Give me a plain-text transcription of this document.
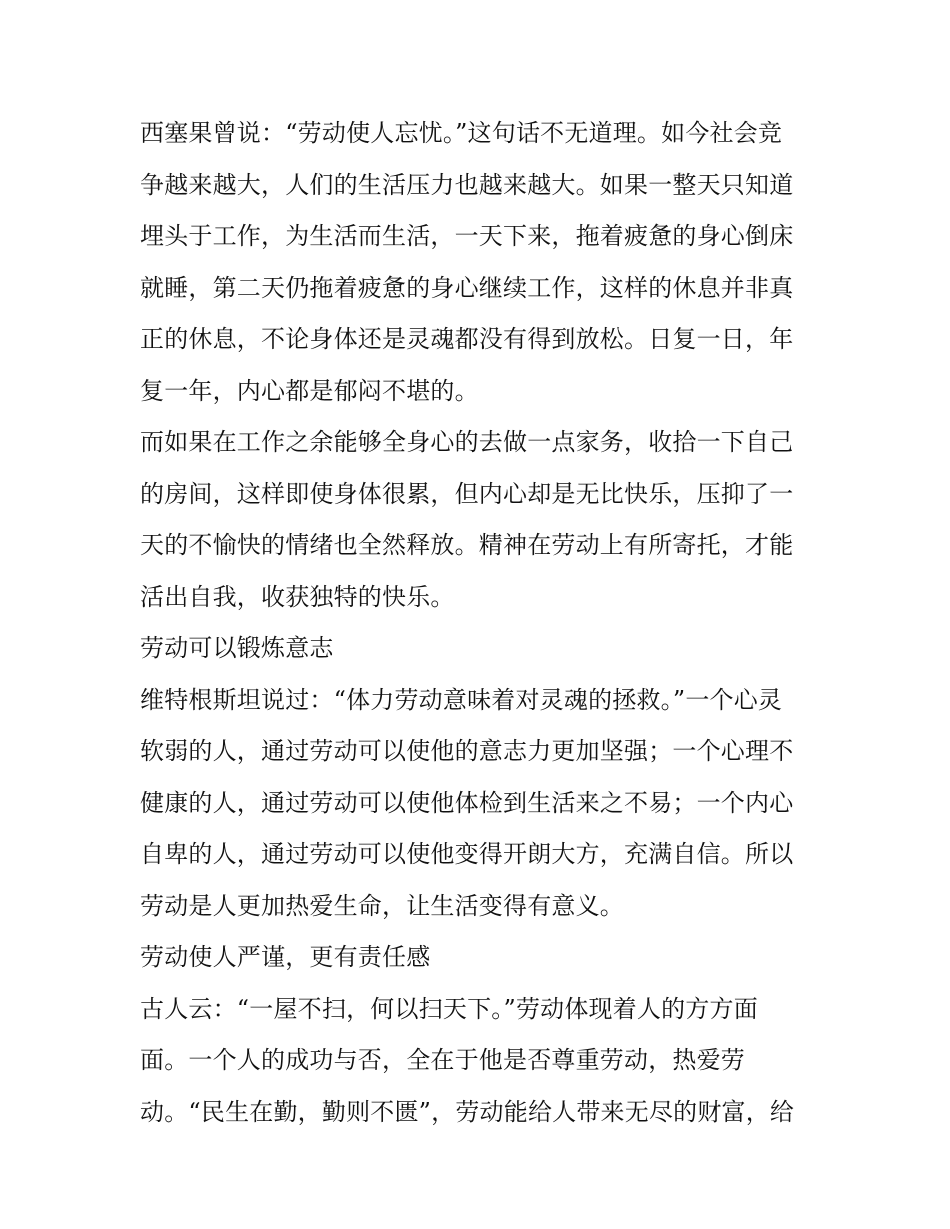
西塞果曾说：“劳动使人忘忧。”这句话不无道理。如今社会竞
争越来越大，人们的生活压力也越来越大。如果一整天只知道
埋头于工作，为生活而生活，一天下来，拖着疲惫的身心倒床
就睡，第二天仍拖着疲惫的身心继续工作，这样的休息并非真
正的休息，不论身体还是灵魂都没有得到放松。日复一日，年
复一年，内心都是郁闷不堪的。
而如果在工作之余能够全身心的去做一点家务，收拾一下自己
的房间，这样即使身体很累，但内心却是无比快乐，压抑了一
天的不愉快的情绪也全然释放。精神在劳动上有所寄托，才能
活出自我，收获独特的快乐。
劳动可以锻炼意志
维特根斯坦说过：“体力劳动意味着对灵魂的拯救。”一个心灵
软弱的人，通过劳动可以使他的意志力更加坚强；一个心理不
健康的人，通过劳动可以使他体检到生活来之不易；一个内心
自卑的人，通过劳动可以使他变得开朗大方，充满自信。所以
劳动是人更加热爱生命，让生活变得有意义。
劳动使人严谨，更有责任感
古人云：“一屋不扫，何以扫天下。”劳动体现着人的方方面
面。一个人的成功与否，全在于他是否尊重劳动，热爱劳
动。“民生在勤，勤则不匮”，劳动能给人带来无尽的财富，给
